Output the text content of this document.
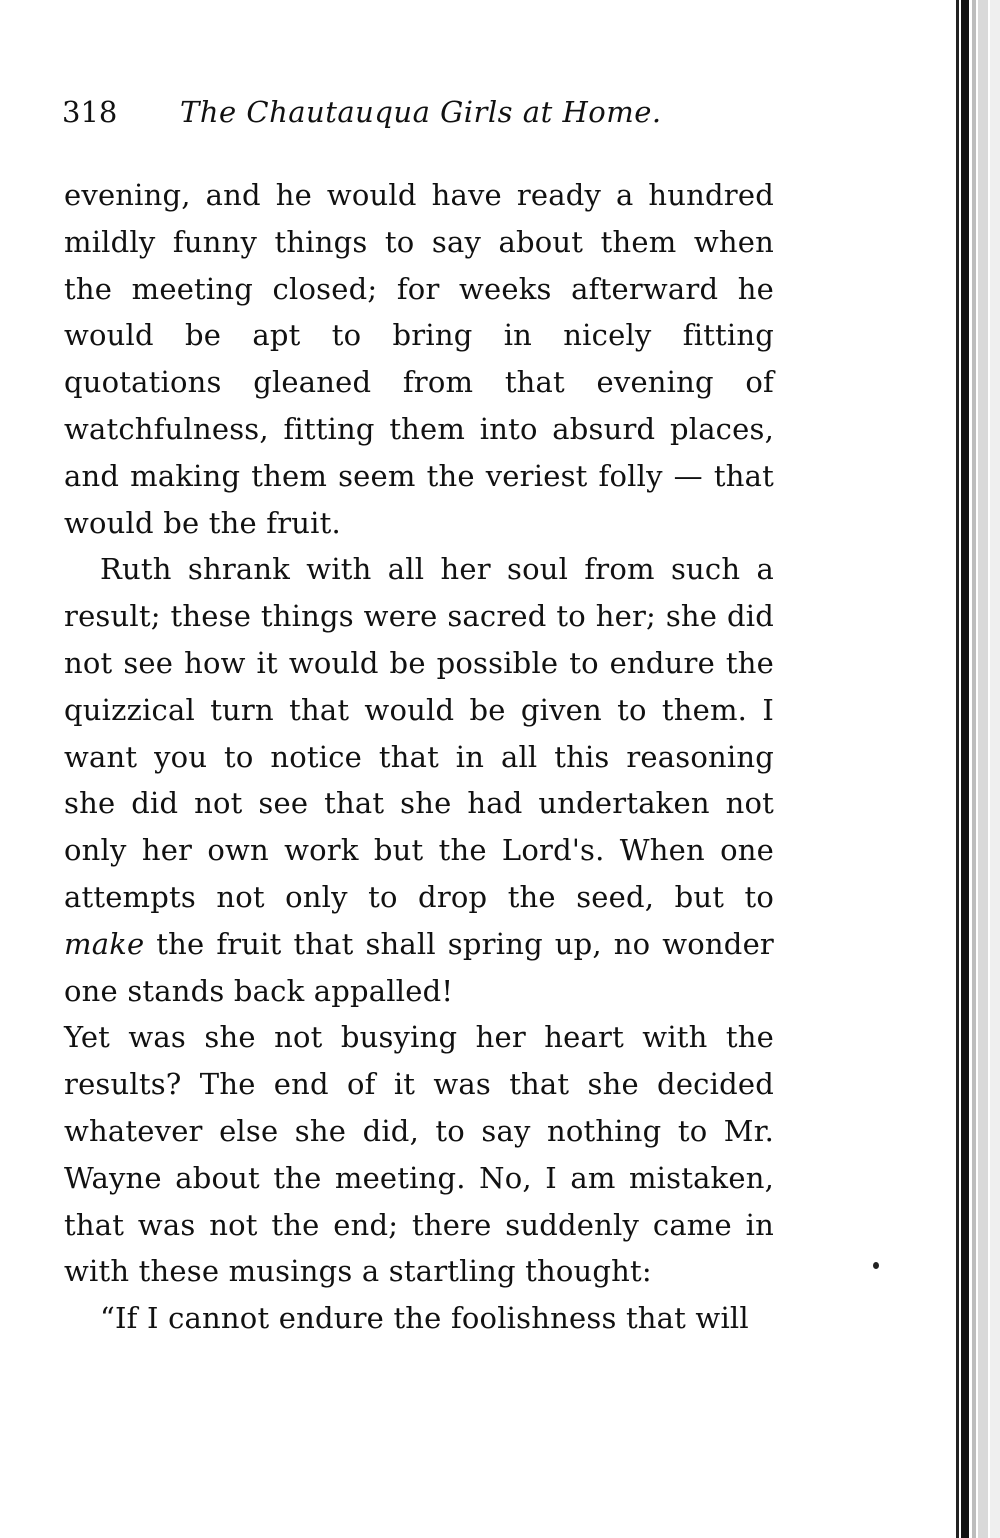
318 The Chautauqua Girls at Home.

evening, and he would have ready a hundred mildly funny things to say about them when the meeting closed; for weeks afterward he would be apt to bring in nicely fitting quotations gleaned from that evening of watchfulness, fitting them into absurd places, and making them seem the veriest folly — that would be the fruit.

Ruth shrank with all her soul from such a result; these things were sacred to her; she did not see how it would be possible to endure the quizzical turn that would be given to them. I want you to notice that in all this reasoning she did not see that she had undertaken not only her own work but the Lord's. When one attempts not only to drop the seed, but to make the fruit that shall spring up, no wonder one stands back appalled!

Yet was she not busying her heart with the results? The end of it was that she decided whatever else she did, to say nothing to Mr. Wayne about the meeting. No, I am mistaken, that was not the end; there suddenly came in with these musings a startling thought:

“If I cannot endure the foolishness that will
